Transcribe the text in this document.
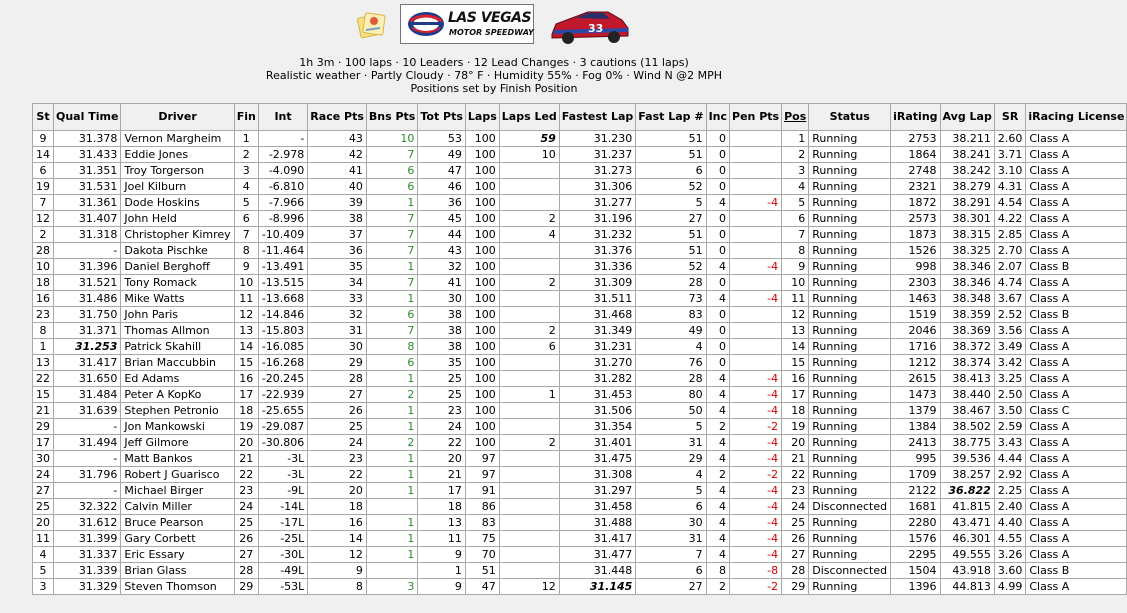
LAS VEGAS
MOTOR SPEEDWAY	33
1h 3m · 100 laps · 10 Leaders · 12 Lead Changes · 3 cautions (11 laps)
Realistic weather · Partly Cloudy · 78° F · Humidity 55% · Fog 0% · Wind N @2 MPH
Positions set by Finish Position
St	Qual Time	Driver	Fin	Int	Race Pts	Bns Pts	Tot Pts	Laps	Laps Led	Fastest Lap	Fast Lap #	Inc	Pen Pts	Pos	Status	iRating	Avg Lap	SR	iRacing License
9	31.378	Vernon Margheim	1	-	43	10	53	100	59	31.230	51	0		1	Running	2753	38.211	2.60	Class A
14	31.433	Eddie Jones	2	-2.978	42	7	49	100	10	31.237	51	0		2	Running	1864	38.241	3.71	Class A
6	31.351	Troy Torgerson	3	-4.090	41	6	47	100		31.273	6	0		3	Running	2748	38.242	3.10	Class A
19	31.531	Joel Kilburn	4	-6.810	40	6	46	100		31.306	52	0		4	Running	2321	38.279	4.31	Class A
7	31.361	Dode Hoskins	5	-7.966	39	1	36	100		31.277	5	4	-4	5	Running	1872	38.291	4.54	Class A
12	31.407	John Held	6	-8.996	38	7	45	100	2	31.196	27	0		6	Running	2573	38.301	4.22	Class A
2	31.318	Christopher Kimrey	7	-10.409	37	7	44	100	4	31.232	51	0		7	Running	1873	38.315	2.85	Class A
28	-	Dakota Pischke	8	-11.464	36	7	43	100		31.376	51	0		8	Running	1526	38.325	2.70	Class A
10	31.396	Daniel Berghoff	9	-13.491	35	1	32	100		31.336	52	4	-4	9	Running	998	38.346	2.07	Class B
18	31.521	Tony Romack	10	-13.515	34	7	41	100	2	31.309	28	0		10	Running	2303	38.346	4.74	Class A
16	31.486	Mike Watts	11	-13.668	33	1	30	100		31.511	73	4	-4	11	Running	1463	38.348	3.67	Class A
23	31.750	John Paris	12	-14.846	32	6	38	100		31.468	83	0		12	Running	1519	38.359	2.52	Class B
8	31.371	Thomas Allmon	13	-15.803	31	7	38	100	2	31.349	49	0		13	Running	2046	38.369	3.56	Class A
1	31.253	Patrick Skahill	14	-16.085	30	8	38	100	6	31.231	4	0		14	Running	1716	38.372	3.49	Class A
13	31.417	Brian Maccubbin	15	-16.268	29	6	35	100		31.270	76	0		15	Running	1212	38.374	3.42	Class A
22	31.650	Ed Adams	16	-20.245	28	1	25	100		31.282	28	4	-4	16	Running	2615	38.413	3.25	Class A
15	31.484	Peter A KopKo	17	-22.939	27	2	25	100	1	31.453	80	4	-4	17	Running	1473	38.440	2.50	Class A
21	31.639	Stephen Petronio	18	-25.655	26	1	23	100		31.506	50	4	-4	18	Running	1379	38.467	3.50	Class C
29	-	Jon Mankowski	19	-29.087	25	1	24	100		31.354	5	2	-2	19	Running	1384	38.502	2.59	Class A
17	31.494	Jeff Gilmore	20	-30.806	24	2	22	100	2	31.401	31	4	-4	20	Running	2413	38.775	3.43	Class A
30	-	Matt Bankos	21	-3L	23	1	20	97		31.475	29	4	-4	21	Running	995	39.536	4.44	Class A
24	31.796	Robert J Guarisco	22	-3L	22	1	21	97		31.308	4	2	-2	22	Running	1709	38.257	2.92	Class A
27	-	Michael Birger	23	-9L	20	1	17	91		31.297	5	4	-4	23	Running	2122	36.822	2.25	Class A
25	32.322	Calvin Miller	24	-14L	18		18	86		31.458	6	4	-4	24	Disconnected	1681	41.815	2.40	Class A
20	31.612	Bruce Pearson	25	-17L	16	1	13	83		31.488	30	4	-4	25	Running	2280	43.471	4.40	Class A
11	31.399	Gary Corbett	26	-25L	14	1	11	75		31.417	31	4	-4	26	Running	1576	46.301	4.55	Class A
4	31.337	Eric Essary	27	-30L	12	1	9	70		31.477	7	4	-4	27	Running	2295	49.555	3.26	Class A
5	31.339	Brian Glass	28	-49L	9		1	51		31.448	6	8	-8	28	Disconnected	1504	43.918	3.60	Class B
3	31.329	Steven Thomson	29	-53L	8	3	9	47	12	31.145	27	2	-2	29	Running	1396	44.813	4.99	Class A
